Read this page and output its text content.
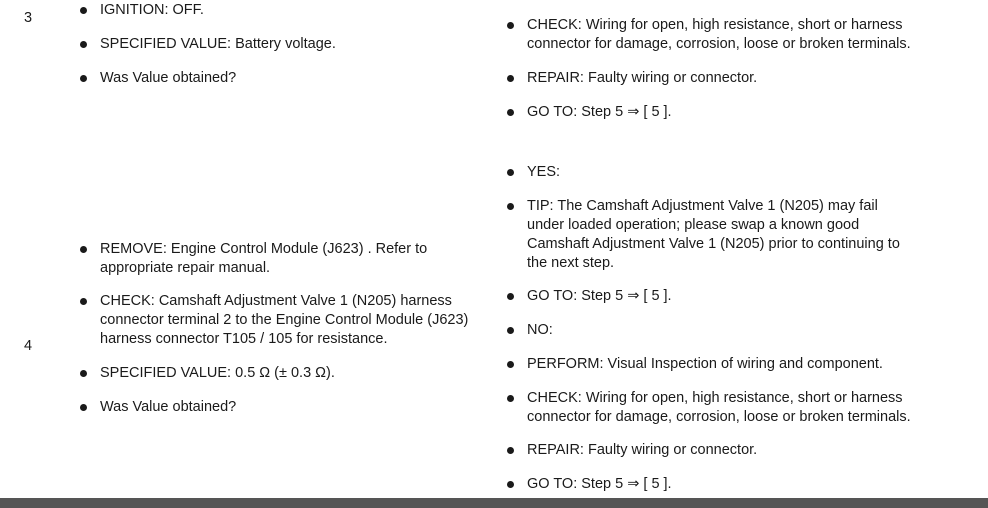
3	IGNITION: OFF.
SPECIFIED VALUE: Battery voltage.
Was Value obtained?
CHECK: Wiring for open, high resistance, short or harness connector for damage, corrosion, loose or broken terminals.
REPAIR: Faulty wiring or connector.
GO TO: Step 5 ⇒ [ 5 ].
4
REMOVE: Engine Control Module (J623) . Refer to appropriate repair manual.
CHECK: Camshaft Adjustment Valve 1 (N205) harness connector terminal 2 to the Engine Control Module (J623) harness connector T105 / 105 for resistance.
SPECIFIED VALUE: 0.5 Ω (± 0.3 Ω).
Was Value obtained?
YES:
TIP: The Camshaft Adjustment Valve 1 (N205) may fail under loaded operation; please swap a known good Camshaft Adjustment Valve 1 (N205) prior to continuing to the next step.
GO TO: Step 5 ⇒ [ 5 ].
NO:
PERFORM: Visual Inspection of wiring and component.
CHECK: Wiring for open, high resistance, short or harness connector for damage, corrosion, loose or broken terminals.
REPAIR: Faulty wiring or connector.
GO TO: Step 5 ⇒ [ 5 ].
